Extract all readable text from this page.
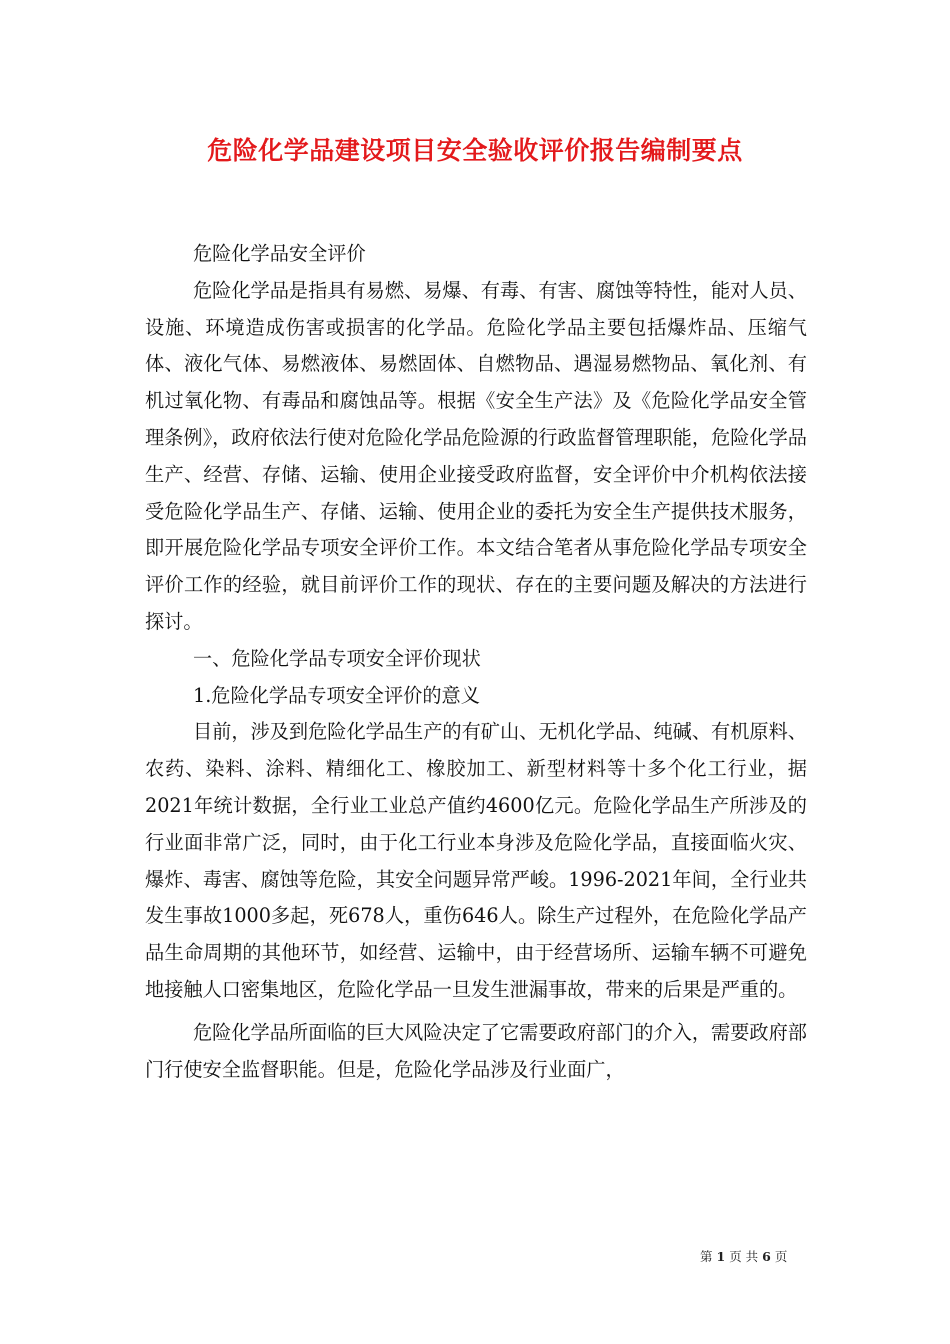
危险化学品建设项目安全验收评价报告编制要点

危险化学品安全评价

危险化学品是指具有易燃、易爆、有毒、有害、腐蚀等特性，能对人员、设施、环境造成伤害或损害的化学品。危险化学品主要包括爆炸品、压缩气体、液化气体、易燃液体、易燃固体、自燃物品、遇湿易燃物品、氧化剂、有机过氧化物、有毒品和腐蚀品等。根据《安全生产法》及《危险化学品安全管理条例》，政府依法行使对危险化学品危险源的行政监督管理职能，危险化学品生产、经营、存储、运输、使用企业接受政府监督，安全评价中介机构依法接受危险化学品生产、存储、运输、使用企业的委托为安全生产提供技术服务，即开展危险化学品专项安全评价工作。本文结合笔者从事危险化学品专项安全评价工作的经验，就目前评价工作的现状、存在的主要问题及解决的方法进行探讨。

一、危险化学品专项安全评价现状

1.危险化学品专项安全评价的意义

目前，涉及到危险化学品生产的有矿山、无机化学品、纯碱、有机原料、农药、染料、涂料、精细化工、橡胶加工、新型材料等十多个化工行业，据2021年统计数据，全行业工业总产值约4600亿元。危险化学品生产所涉及的行业面非常广泛，同时，由于化工行业本身涉及危险化学品，直接面临火灾、爆炸、毒害、腐蚀等危险，其安全问题异常严峻。1996-2021年间，全行业共发生事故1000多起，死678人，重伤646人。除生产过程外，在危险化学品产品生命周期的其他环节，如经营、运输中，由于经营场所、运输车辆不可避免地接触人口密集地区，危险化学品一旦发生泄漏事故，带来的后果是严重的。

危险化学品所面临的巨大风险决定了它需要政府部门的介入，需要政府部门行使安全监督职能。但是，危险化学品涉及行业面广，

第 1 页 共 6 页
